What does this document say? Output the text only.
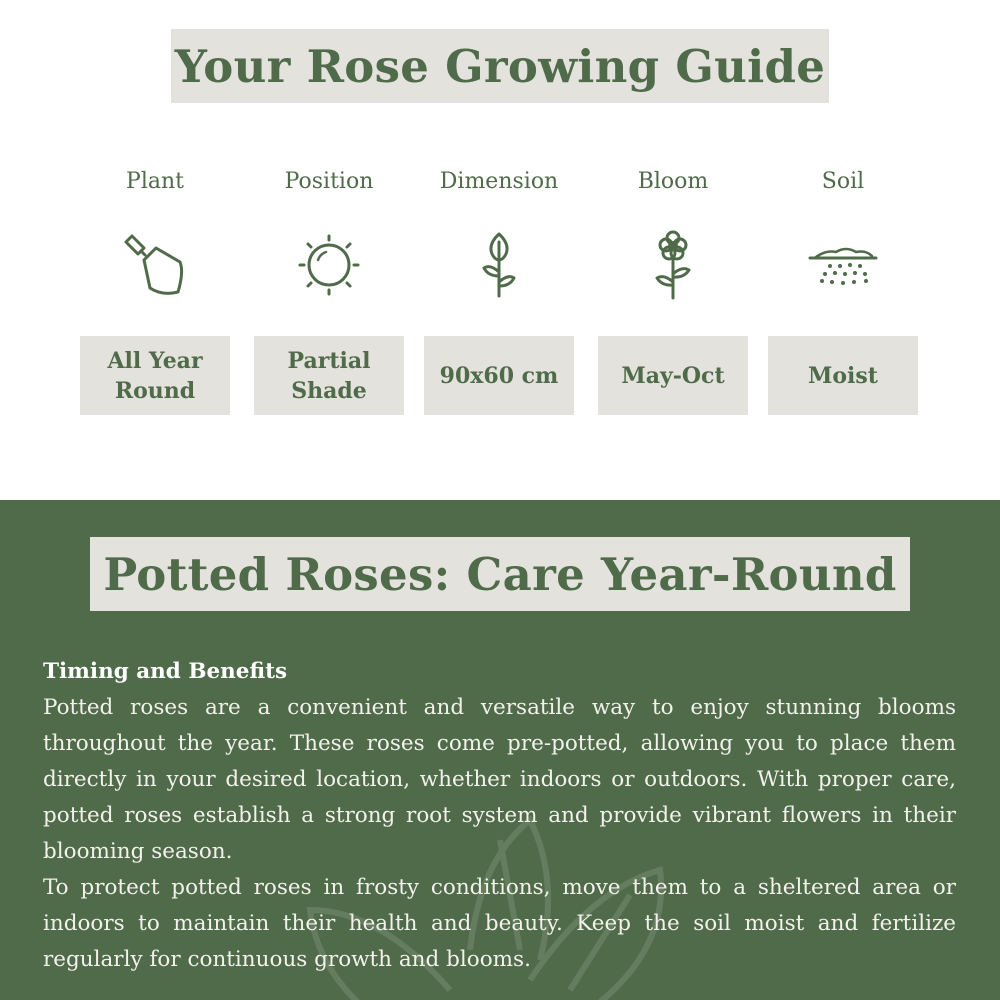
Your Rose Growing Guide
Plant
All Year Round
Position
Partial Shade
Dimension
90x60 cm
Bloom
May-Oct
Soil
Moist
Potted Roses: Care Year-Round
Timing and Benefits

Potted roses are a convenient and versatile way to enjoy stunning blooms throughout the year. These roses come pre-potted, allowing you to place them directly in your desired location, whether indoors or outdoors. With proper care, potted roses establish a strong root system and provide vibrant flowers in their blooming season.

To protect potted roses in frosty conditions, move them to a sheltered area or indoors to maintain their health and beauty. Keep the soil moist and fertilize regularly for continuous growth and blooms.
